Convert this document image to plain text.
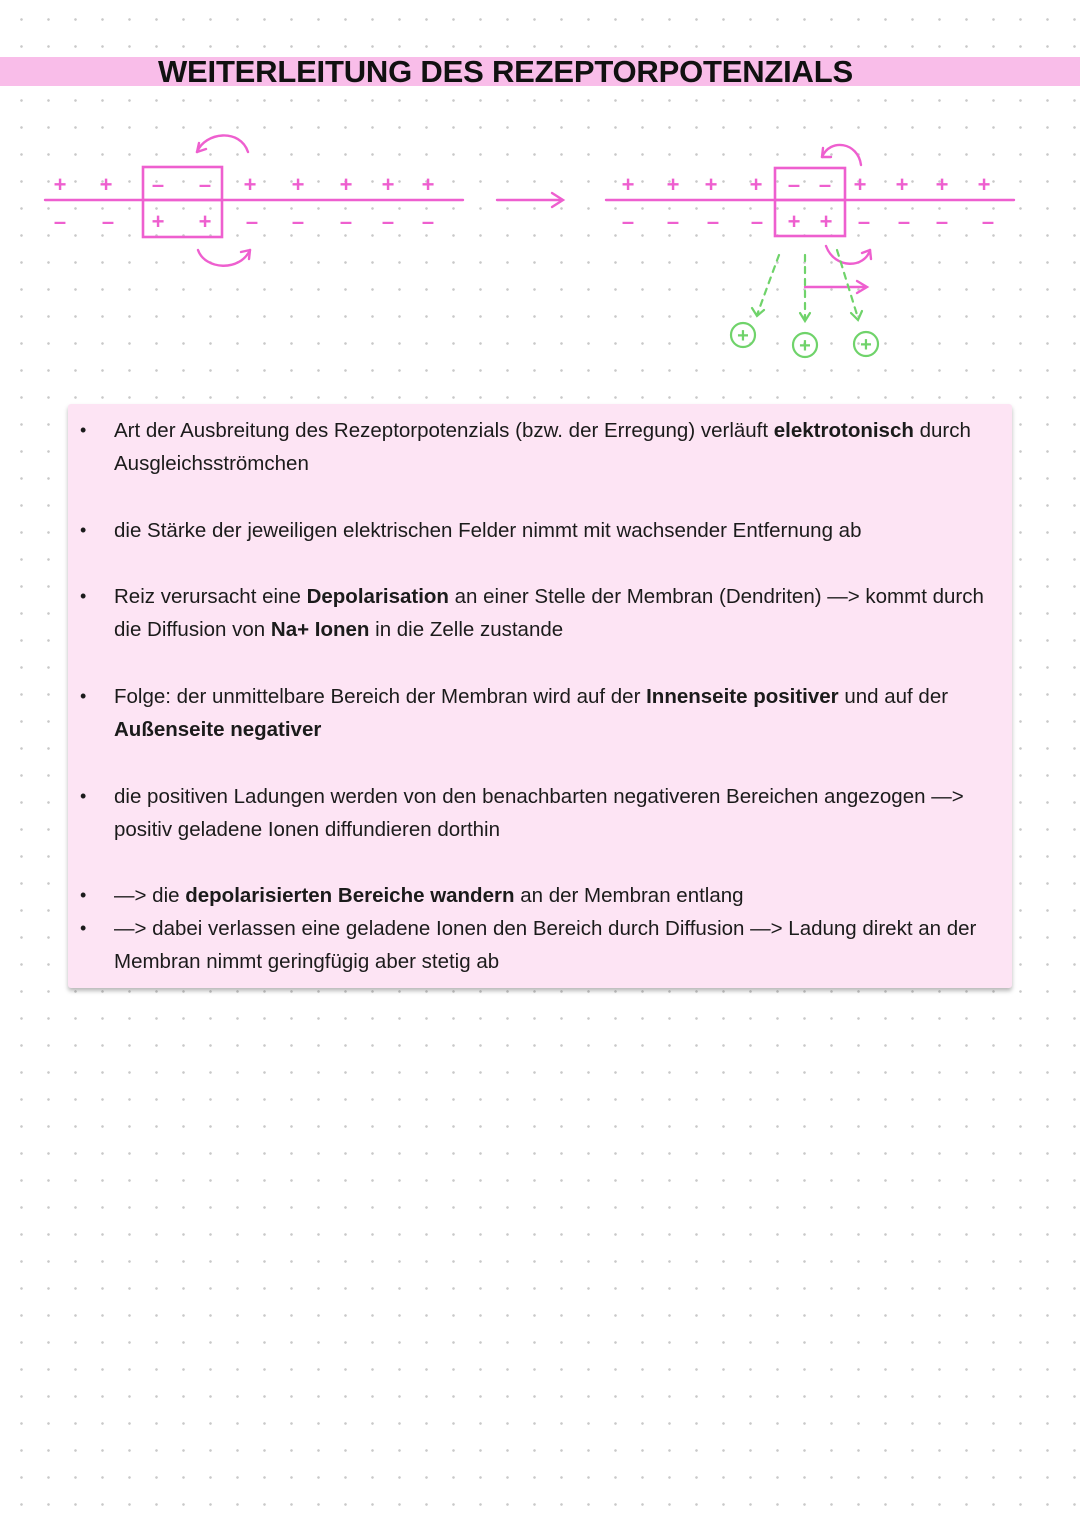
WEITERLEITUNG DES REZEPTORPOTENZIALS
+ + – – + + + + +
– – + + – – – – –
+ + + + – – + + + +
– – – – + + – – – –
+	+ +
• Art der Ausbreitung des Rezeptorpotenzials (bzw. der Erregung) verläuft elektrotonisch durch Ausgleichsströmchen
• die Stärke der jeweiligen elektrischen Felder nimmt mit wachsender Entfernung ab
• Reiz verursacht eine Depolarisation an einer Stelle der Membran (Dendriten) —> kommt durch die Diffusion von Na+ Ionen in die Zelle zustande
• Folge: der unmittelbare Bereich der Membran wird auf der Innenseite positiver und auf der Außenseite negativer
• die positiven Ladungen werden von den benachbarten negativeren Bereichen angezogen —> positiv geladene Ionen diffundieren dorthin
• —> die depolarisierten Bereiche wandern an der Membran entlang
• —> dabei verlassen eine geladene Ionen den Bereich durch Diffusion —> Ladung direkt an der Membran nimmt geringfügig aber stetig ab
